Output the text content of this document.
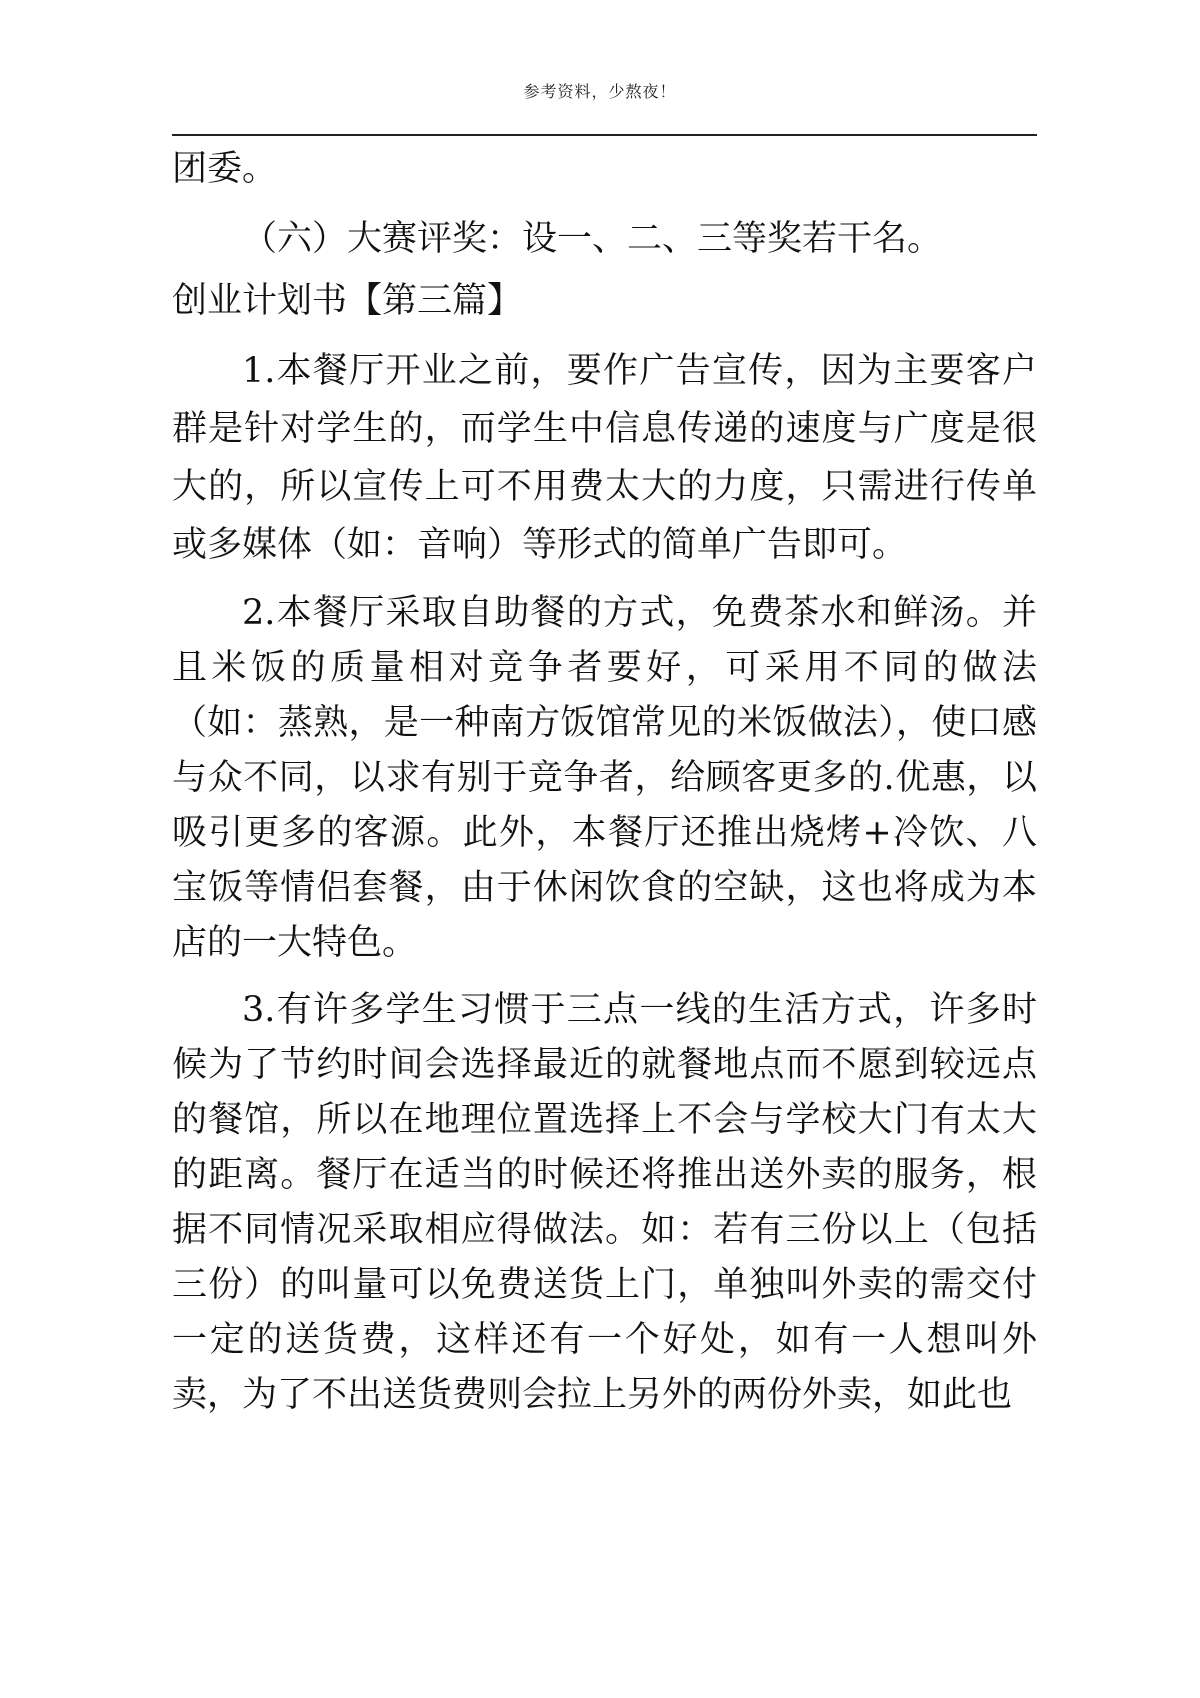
参考资料，少熬夜！

团委。

（六）大赛评奖：设一、二、三等奖若干名。

创业计划书【第三篇】

1.本餐厅开业之前，要作广告宣传，因为主要客户群是针对学生的，而学生中信息传递的速度与广度是很大的，所以宣传上可不用费太大的力度，只需进行传单或多媒体（如：音响）等形式的简单广告即可。

2.本餐厅采取自助餐的方式，免费茶水和鲜汤。并且米饭的质量相对竞争者要好，可采用不同的做法（如：蒸熟，是一种南方饭馆常见的米饭做法），使口感与众不同，以求有别于竞争者，给顾客更多的.优惠，以吸引更多的客源。此外，本餐厅还推出烧烤+冷饮、八宝饭等情侣套餐，由于休闲饮食的空缺，这也将成为本店的一大特色。

3.有许多学生习惯于三点一线的生活方式，许多时候为了节约时间会选择最近的就餐地点而不愿到较远点的餐馆，所以在地理位置选择上不会与学校大门有太大的距离。餐厅在适当的时候还将推出送外卖的服务，根据不同情况采取相应得做法。如：若有三份以上（包括三份）的叫量可以免费送货上门，单独叫外卖的需交付一定的送货费，这样还有一个好处，如有一人想叫外卖，为了不出送货费则会拉上另外的两份外卖，如此也
